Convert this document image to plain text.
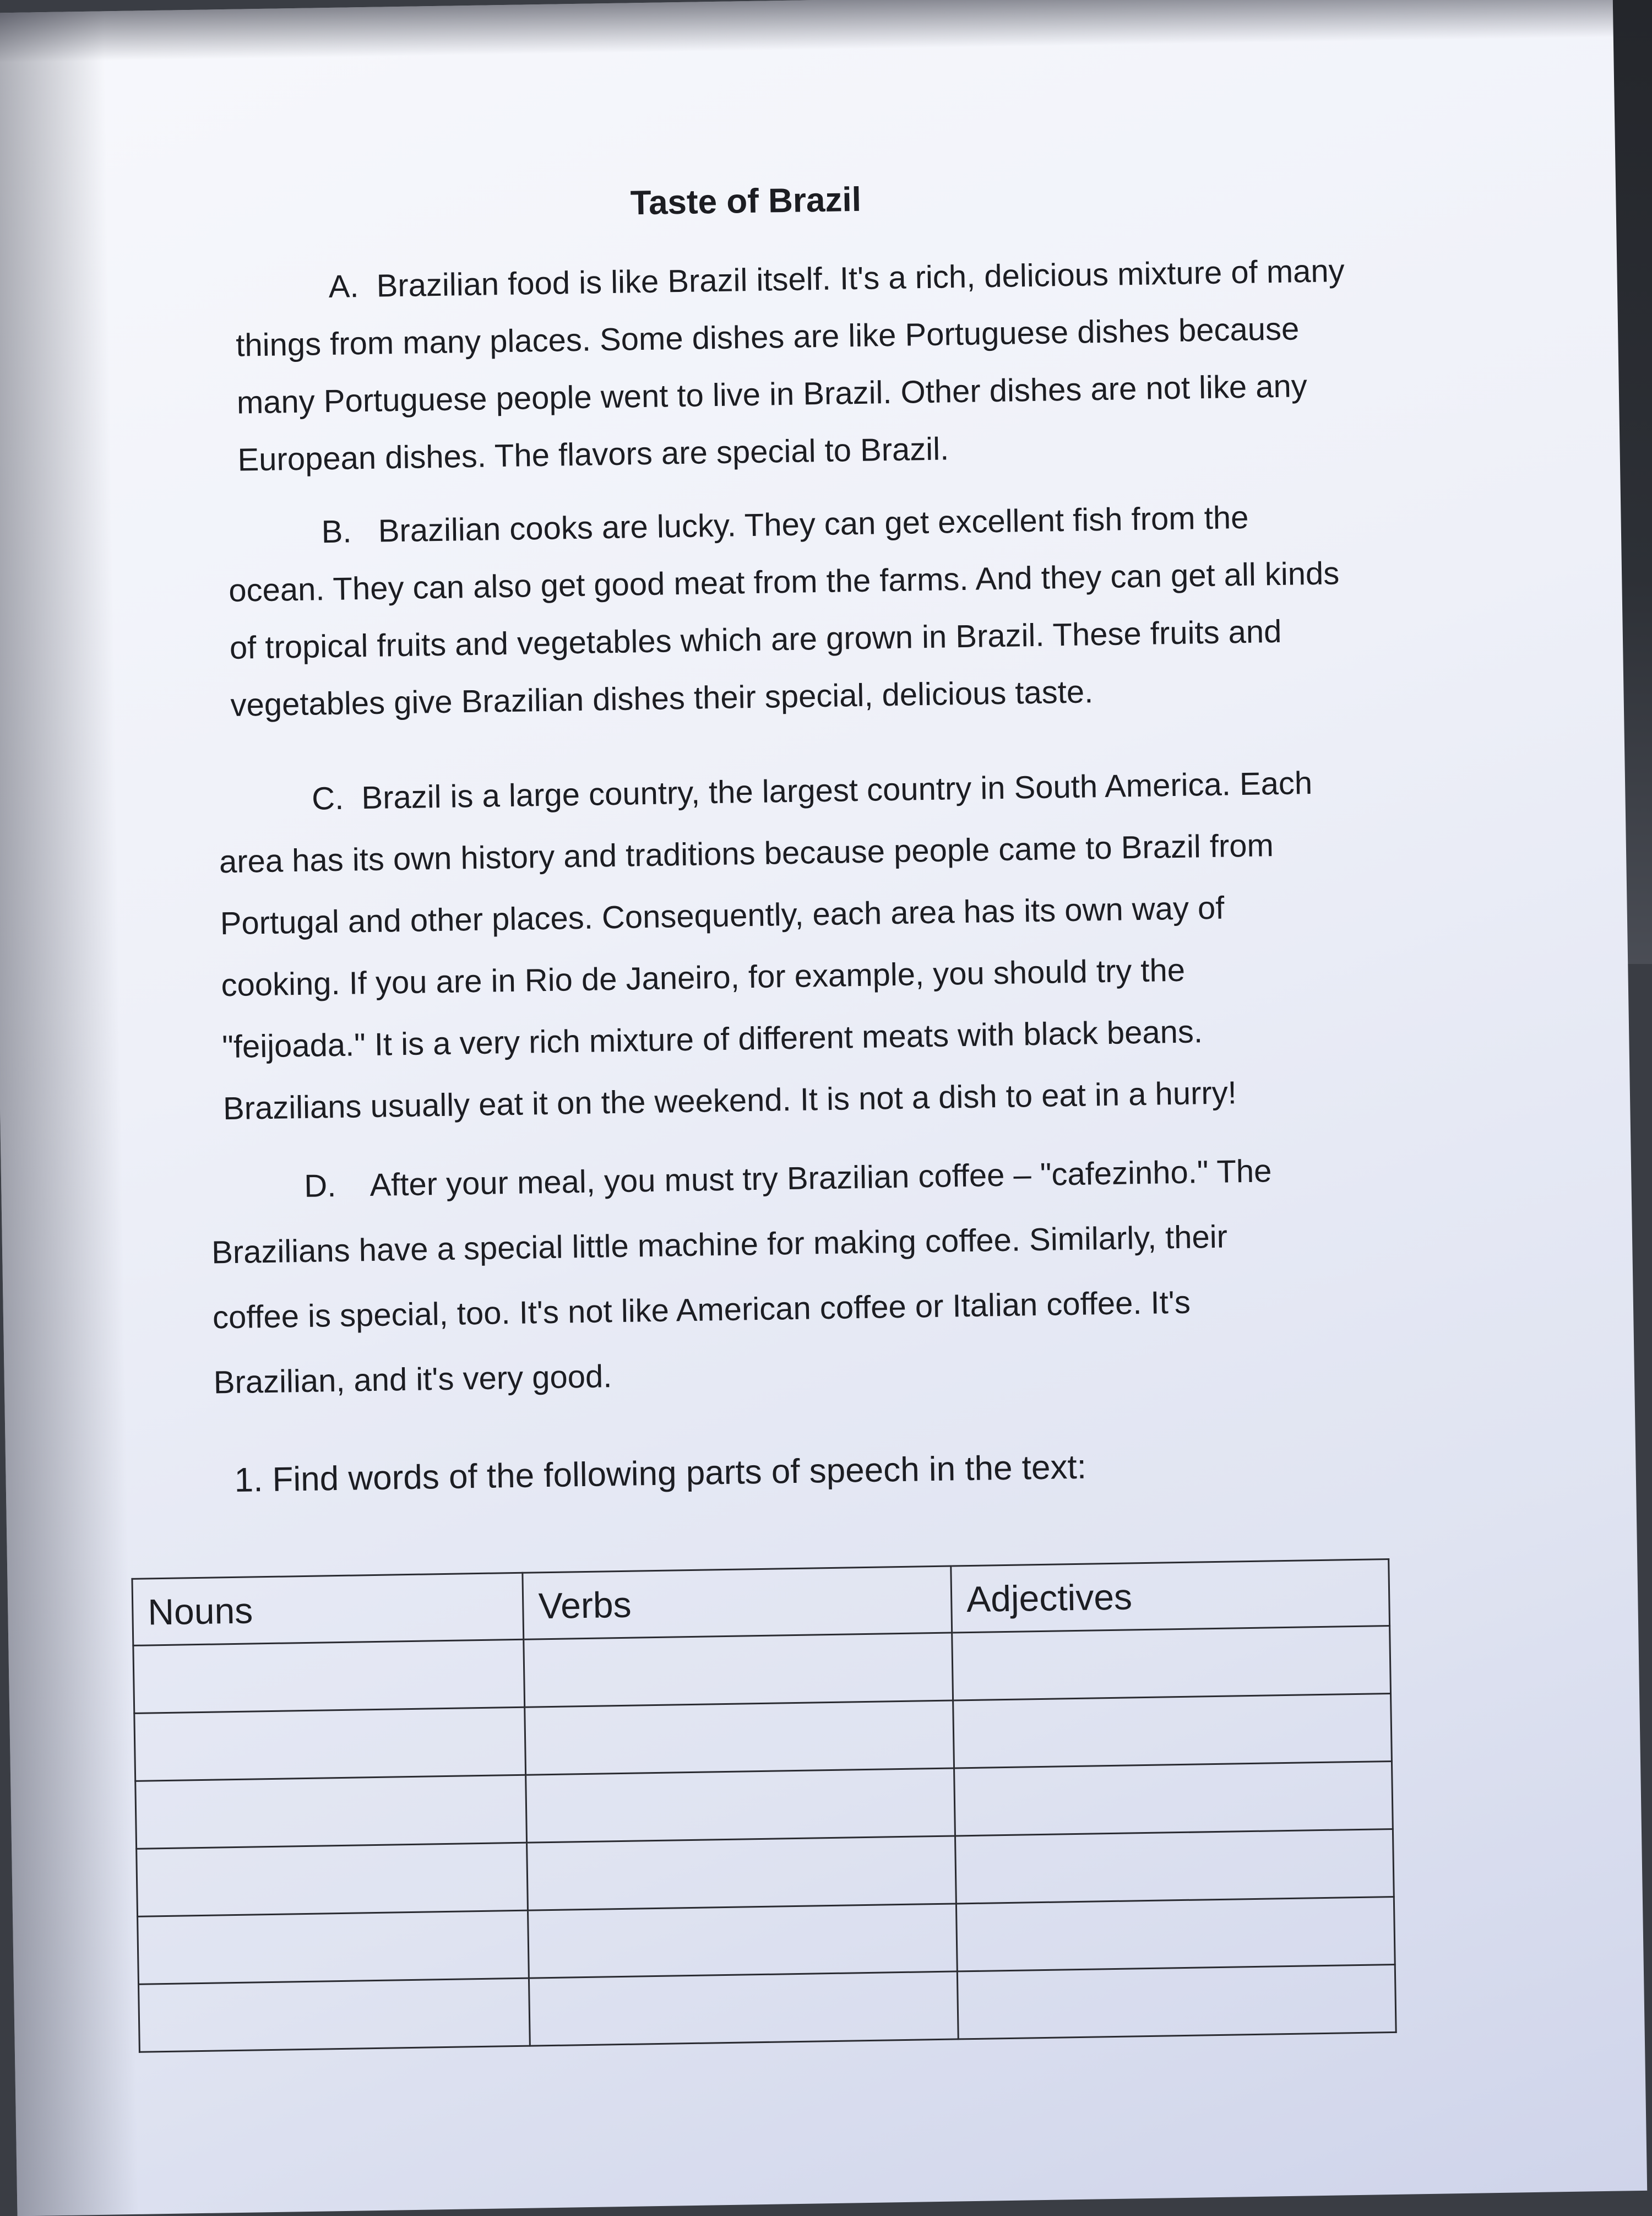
Taste of Brazil
A. Brazilian food is like Brazil itself. It's a rich, delicious mixture of many
things from many places. Some dishes are like Portuguese dishes because
many Portuguese people went to live in Brazil. Other dishes are not like any
European dishes. The flavors are special to Brazil.
B. Brazilian cooks are lucky. They can get excellent fish from the
ocean. They can also get good meat from the farms. And they can get all kinds
of tropical fruits and vegetables which are grown in Brazil. These fruits and
vegetables give Brazilian dishes their special, delicious taste.
C. Brazil is a large country, the largest country in South America. Each
area has its own history and traditions because people came to Brazil from
Portugal and other places. Consequently, each area has its own way of
cooking. If you are in Rio de Janeiro, for example, you should try the
"feijoada." It is a very rich mixture of different meats with black beans.
Brazilians usually eat it on the weekend. It is not a dish to eat in a hurry!
D. After your meal, you must try Brazilian coffee – "cafezinho." The
Brazilians have a special little machine for making coffee. Similarly, their
coffee is special, too. It's not like American coffee or Italian coffee. It's
Brazilian, and it's very good.
1. Find words of the following parts of speech in the text:
Nouns	Verbs	Adjectives
